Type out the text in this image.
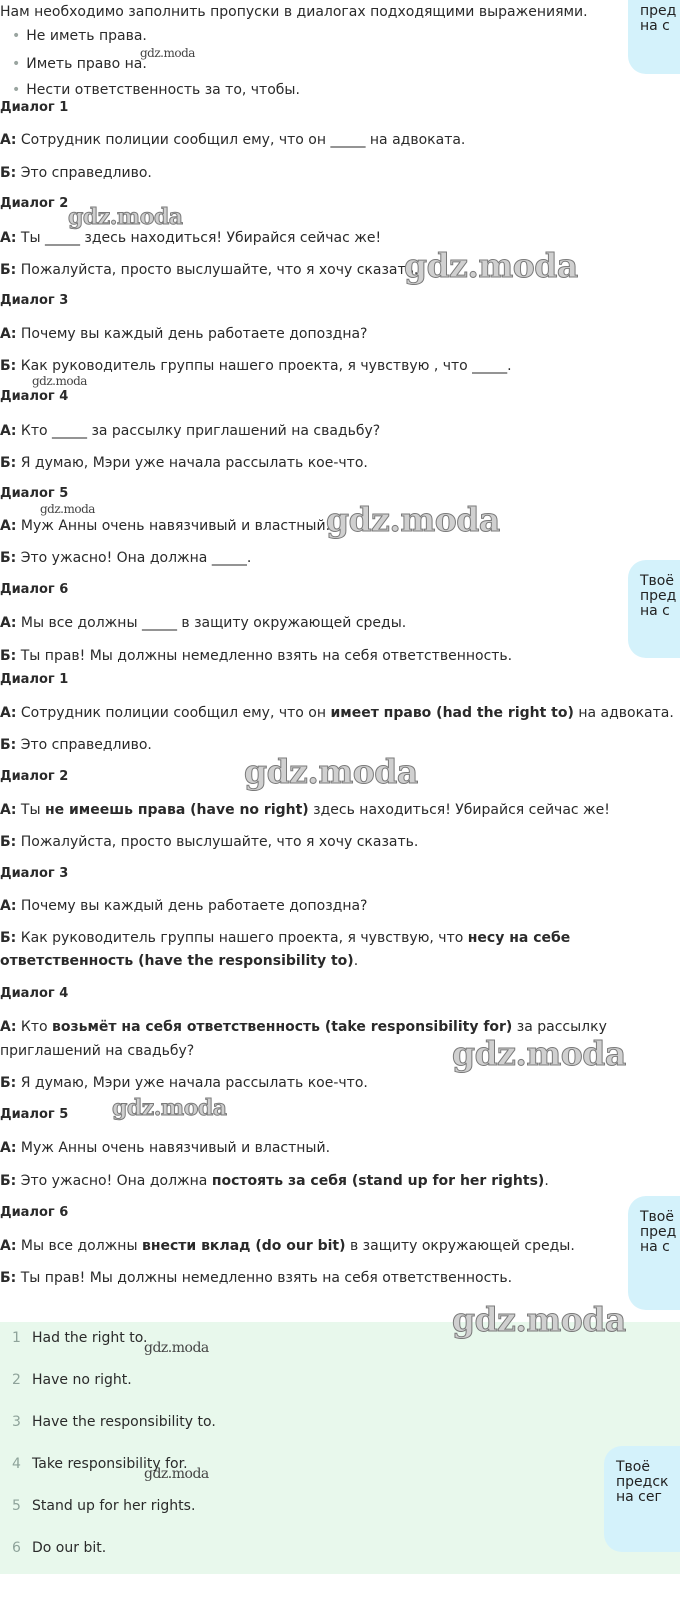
Нам необходимо заполнить пропуски в диалогах подходящими выражениями.
• Не иметь права.
• Иметь право на.
• Нести ответственность за то, чтобы.
Диалог 1
А: Сотрудник полиции сообщил ему, что он _____ на адвоката.
Б: Это справедливо.
Диалог 2
А: Ты _____ здесь находиться! Убирайся сейчас же!
Б: Пожалуйста, просто выслушайте, что я хочу сказать.
Диалог 3
А: Почему вы каждый день работаете допоздна?
Б: Как руководитель группы нашего проекта, я чувствую , что _____.
Диалог 4
А: Кто _____ за рассылку приглашений на свадьбу?
Б: Я думаю, Мэри уже начала рассылать кое-что.
Диалог 5
А: Муж Анны очень навязчивый и властный.
Б: Это ужасно! Она должна _____.
Диалог 6
А: Мы все должны _____ в защиту окружающей среды.
Б: Ты прав! Мы должны немедленно взять на себя ответственность.
Диалог 1
А: Сотрудник полиции сообщил ему, что он имеет право (had the right to) на адвоката.
Б: Это справедливо.
Диалог 2
А: Ты не имеешь права (have no right) здесь находиться! Убирайся сейчас же!
Б: Пожалуйста, просто выслушайте, что я хочу сказать.
Диалог 3
А: Почему вы каждый день работаете допоздна?
Б: Как руководитель группы нашего проекта, я чувствую, что несу на себе
ответственность (have the responsibility to).
Диалог 4
А: Кто возьмёт на себя ответственность (take responsibility for) за рассылку
приглашений на свадьбу?
Б: Я думаю, Мэри уже начала рассылать кое-что.
Диалог 5
А: Муж Анны очень навязчивый и властный.
Б: Это ужасно! Она должна постоять за себя (stand up for her rights).
Диалог 6
А: Мы все должны внести вклад (do our bit) в защиту окружающей среды.
Б: Ты прав! Мы должны немедленно взять на себя ответственность.
1 Had the right to.
2 Have no right.
3 Have the responsibility to.
4 Take responsibility for.
5 Stand up for her rights.
6 Do our bit.
gdz.moda
gdz.moda
gdz.moda
gdz.moda
gdz.moda	gdz.moda
gdz.moda
gdz.moda
gdz.moda
gdz.moda
gdz.moda
gdz.moda
пред
на с
Твоё
пред
на с
Твоё
пред
на с
Твоё
предск
на сег
